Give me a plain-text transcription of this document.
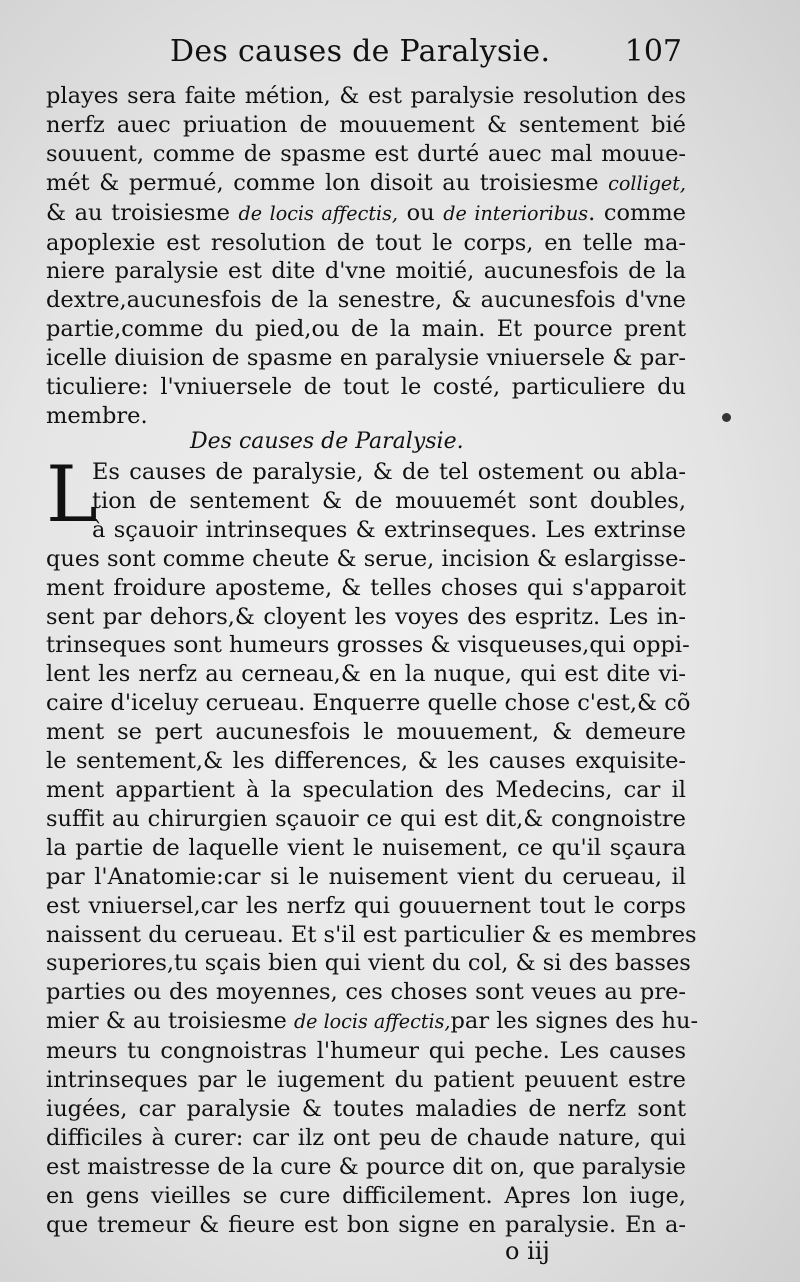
Des causes de Paralysie. 107
playes sera faite métion, & est paralysie resolution des
nerfz auec priuation de mouuement & sentement bié
souuent, comme de spasme est durté auec mal mouue-
mét & permué, comme lon disoit au troisiesme colliget,
& au troisiesme de locis affectis, ou de interioribus. comme
apoplexie est resolution de tout le corps, en telle ma-
niere paralysie est dite d'vne moitié, aucunesfois de la
dextre,aucunesfois de la senestre, & aucunesfois d'vne
partie,comme du pied,ou de la main. Et pource prent
icelle diuision de spasme en paralysie vniuersele & par-
ticuliere: l'vniuersele de tout le costé, particuliere du
membre.
Des causes de Paralysie.
L
Es causes de paralysie, & de tel ostement ou abla-
tion de sentement & de mouuemét sont doubles,
à sçauoir intrinseques & extrinseques. Les extrinse
ques sont comme cheute & serue, incision & eslargisse-
ment froidure aposteme, & telles choses qui s'apparoit
sent par dehors,& cloyent les voyes des espritz. Les in-
trinseques sont humeurs grosses & visqueuses,qui oppi-
lent les nerfz au cerneau,& en la nuque, qui est dite vi-
caire d'iceluy cerueau. Enquerre quelle chose c'est,& cõ
ment se pert aucunesfois le mouuement, & demeure
le sentement,& les differences, & les causes exquisite-
ment appartient à la speculation des Medecins, car il
suffit au chirurgien sçauoir ce qui est dit,& congnoistre
la partie de laquelle vient le nuisement, ce qu'il sçaura
par l'Anatomie:car si le nuisement vient du cerueau, il
est vniuersel,car les nerfz qui gouuernent tout le corps
naissent du cerueau. Et s'il est particulier & es membres
superiores,tu sçais bien qui vient du col, & si des basses
parties ou des moyennes, ces choses sont veues au pre-
mier & au troisiesme de locis affectis,par les signes des hu-
meurs tu congnoistras l'humeur qui peche. Les causes
intrinseques par le iugement du patient peuuent estre
iugées, car paralysie & toutes maladies de nerfz sont
difficiles à curer: car ilz ont peu de chaude nature, qui
est maistresse de la cure & pource dit on, que paralysie
en gens vieilles se cure difficilement. Apres lon iuge,
que tremeur & fieure est bon signe en paralysie. En a-
o iij
